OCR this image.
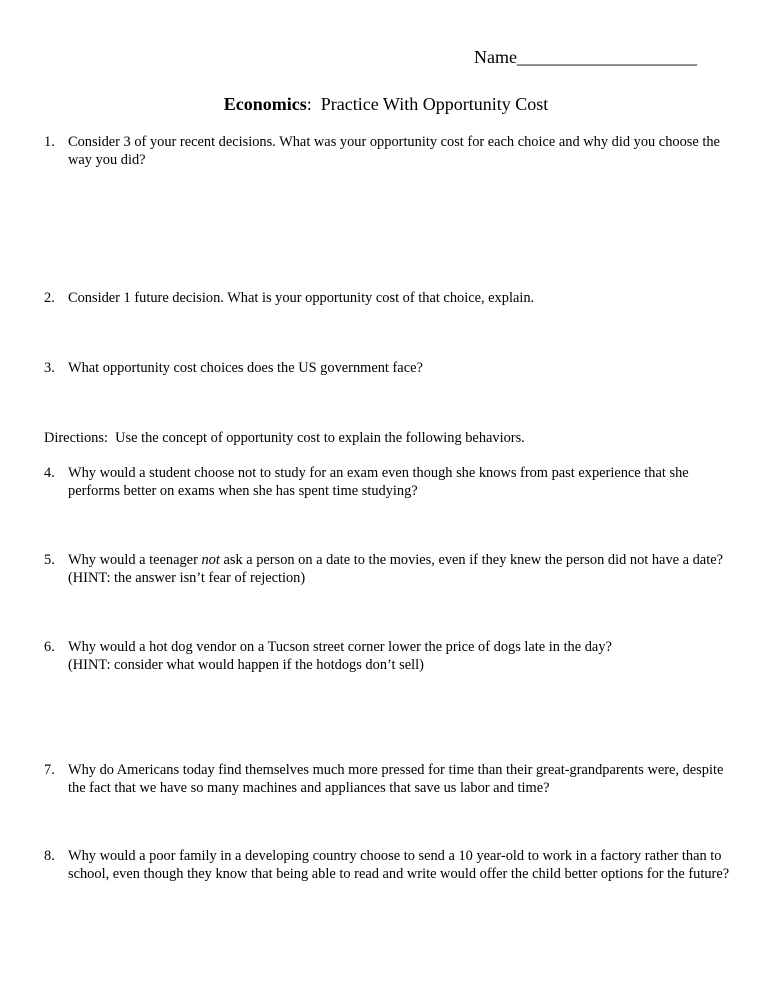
Name____________________
Economics:  Practice With Opportunity Cost
1. Consider 3 of your recent decisions. What was your opportunity cost for each choice and why did you choose the way you did?
2. Consider 1 future decision. What is your opportunity cost of that choice, explain.
3. What opportunity cost choices does the US government face?
Directions:  Use the concept of opportunity cost to explain the following behaviors.
4. Why would a student choose not to study for an exam even though she knows from past experience that she performs better on exams when she has spent time studying?
5. Why would a teenager not ask a person on a date to the movies, even if they knew the person did not have a date? (HINT: the answer isn’t fear of rejection)
6. Why would a hot dog vendor on a Tucson street corner lower the price of dogs late in the day?
(HINT: consider what would happen if the hotdogs don’t sell)
7. Why do Americans today find themselves much more pressed for time than their great-grandparents were, despite the fact that we have so many machines and appliances that save us labor and time?
8. Why would a poor family in a developing country choose to send a 10 year-old to work in a factory rather than to school, even though they know that being able to read and write would offer the child better options for the future?
